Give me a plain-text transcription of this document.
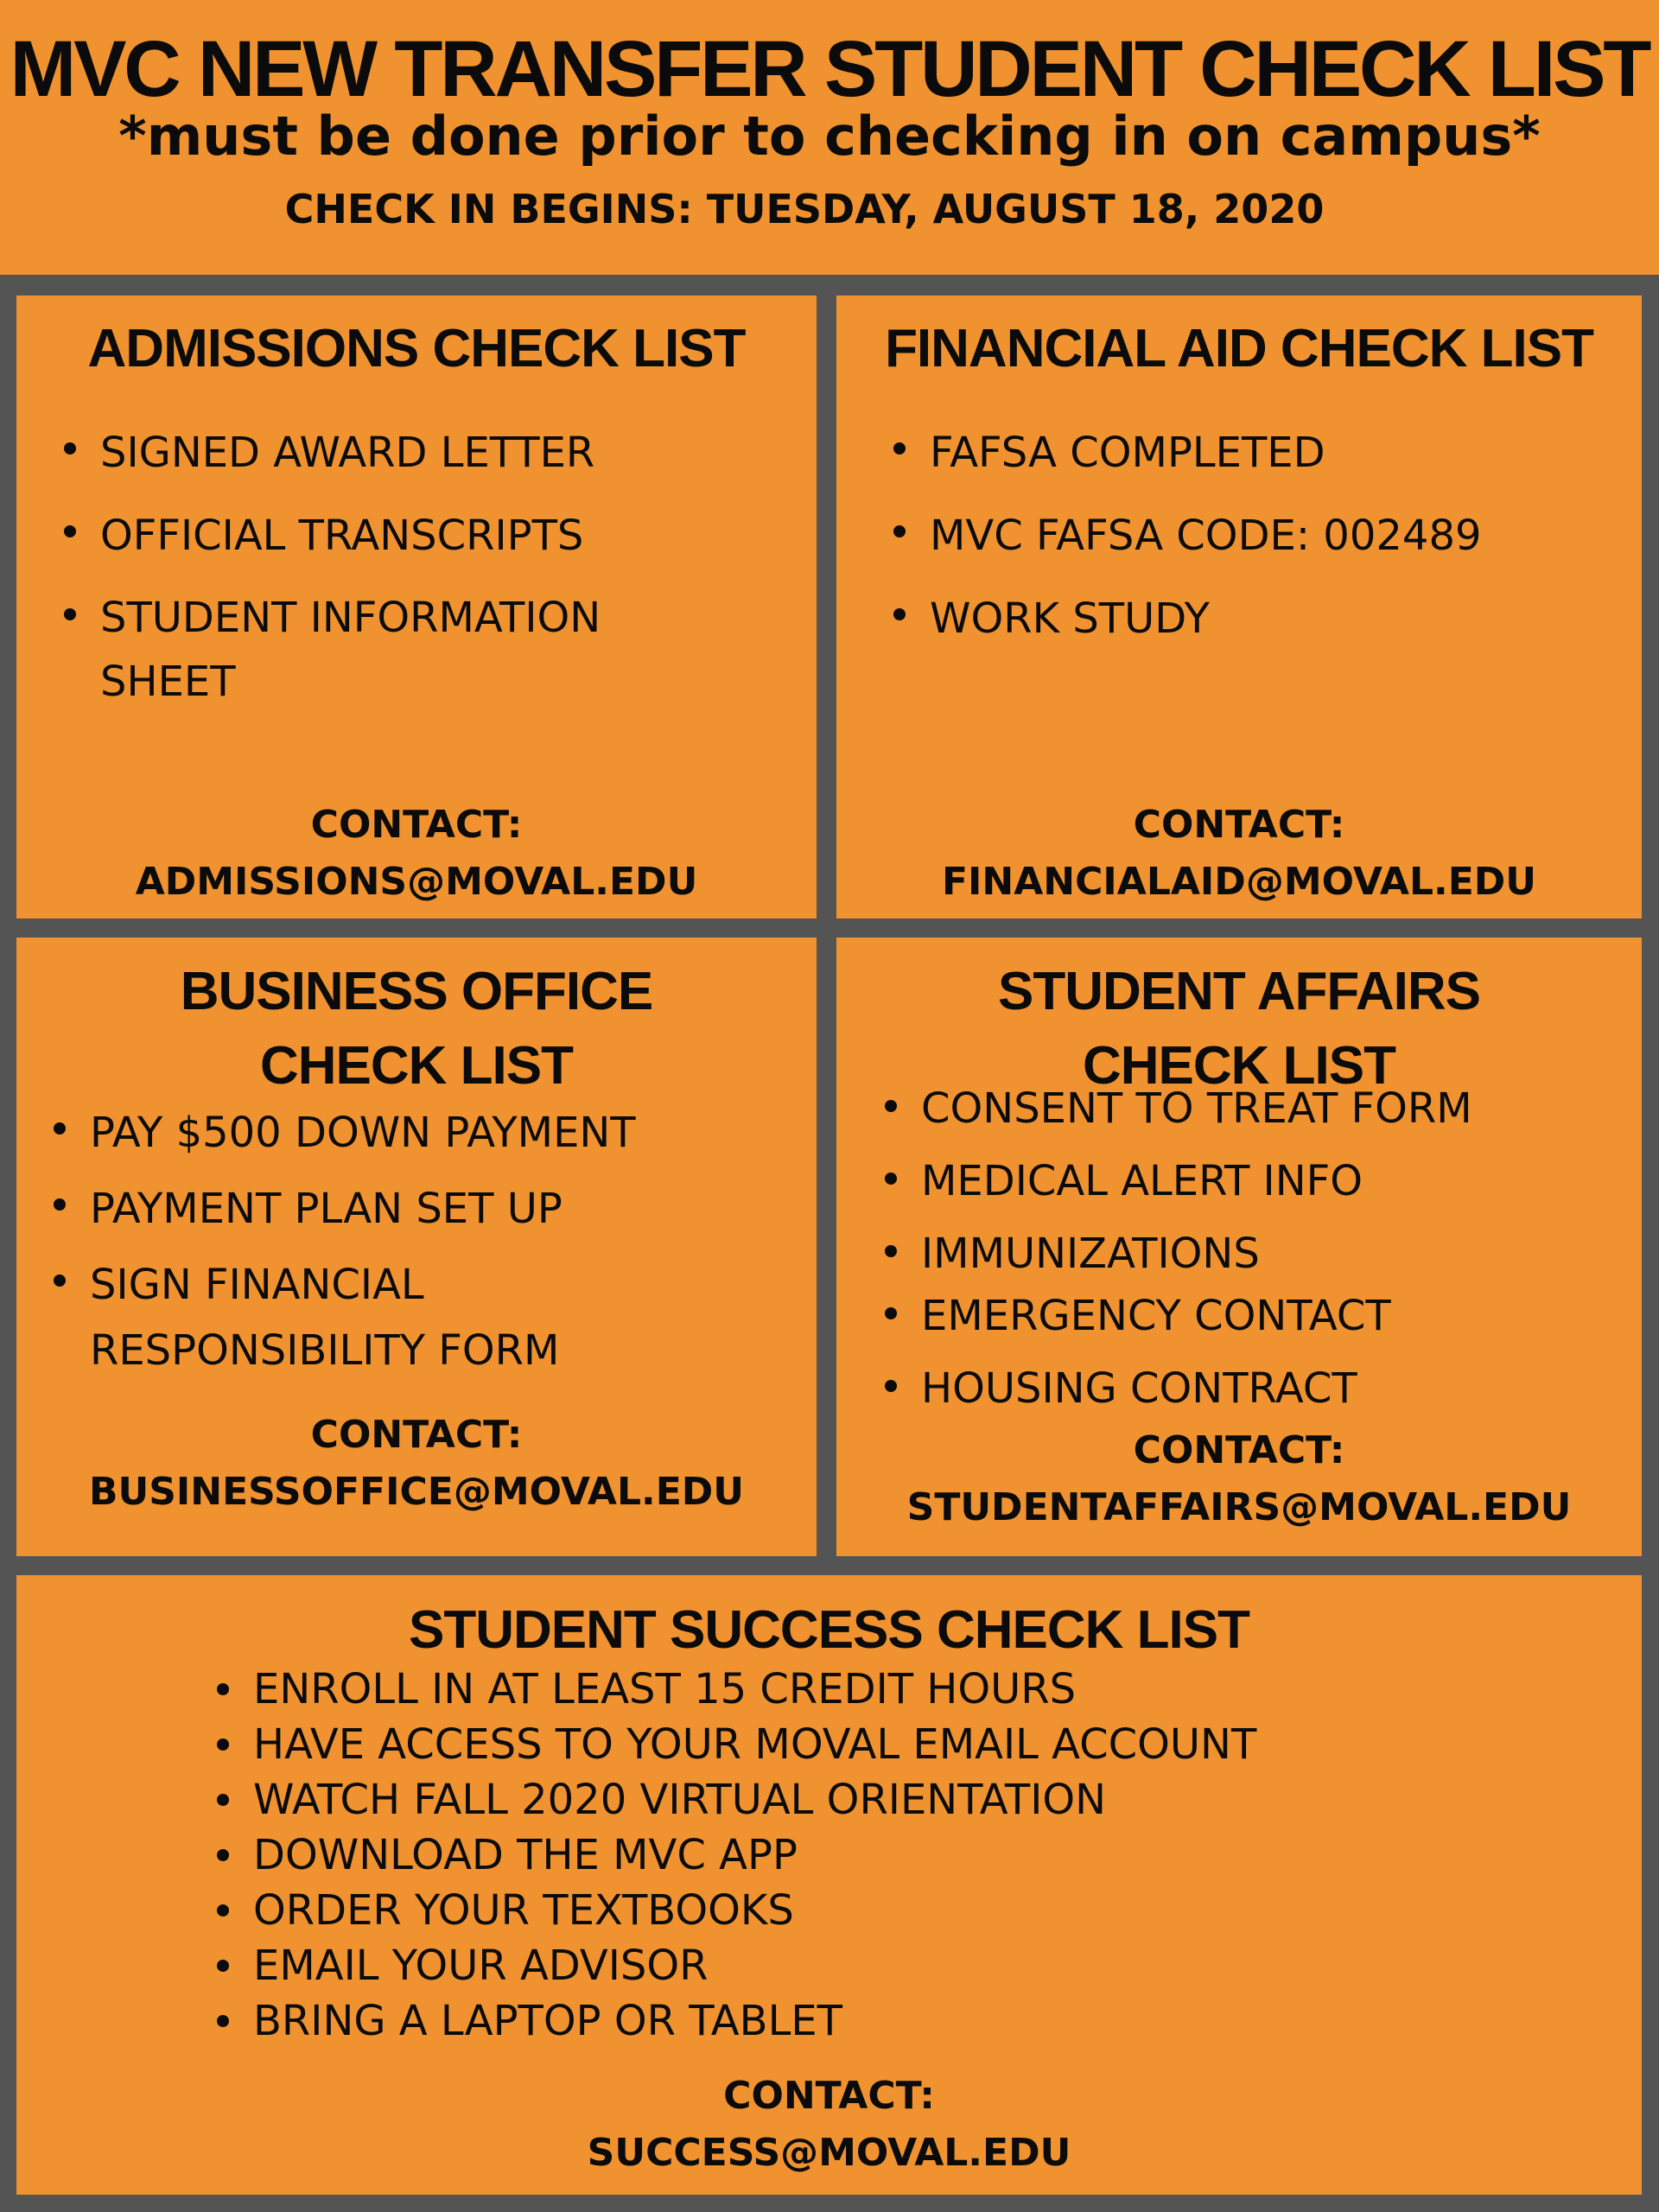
MVC NEW TRANSFER STUDENT CHECK LIST
*must be done prior to checking in on campus*
CHECK IN BEGINS: TUESDAY, AUGUST 18, 2020
ADMISSIONS CHECK LIST
SIGNED AWARD LETTER
OFFICIAL TRANSCRIPTS
STUDENT INFORMATION
SHEET
CONTACT:
ADMISSIONS@MOVAL.EDU
FINANCIAL AID CHECK LIST
FAFSA COMPLETED
MVC FAFSA CODE: 002489
WORK STUDY
CONTACT:
FINANCIALAID@MOVAL.EDU
BUSINESS OFFICE
CHECK LIST
PAY $500 DOWN PAYMENT
PAYMENT PLAN SET UP
SIGN FINANCIAL
RESPONSIBILITY FORM
CONTACT:
BUSINESSOFFICE@MOVAL.EDU
STUDENT AFFAIRS
CHECK LIST
CONSENT TO TREAT FORM
MEDICAL ALERT INFO
IMMUNIZATIONS
EMERGENCY CONTACT
HOUSING CONTRACT
CONTACT:
STUDENTAFFAIRS@MOVAL.EDU
STUDENT SUCCESS CHECK LIST
ENROLL IN AT LEAST 15 CREDIT HOURS
HAVE ACCESS TO YOUR MOVAL EMAIL ACCOUNT
WATCH FALL 2020 VIRTUAL ORIENTATION
DOWNLOAD THE MVC APP
ORDER YOUR TEXTBOOKS
EMAIL YOUR ADVISOR
BRING A LAPTOP OR TABLET
CONTACT:
SUCCESS@MOVAL.EDU
